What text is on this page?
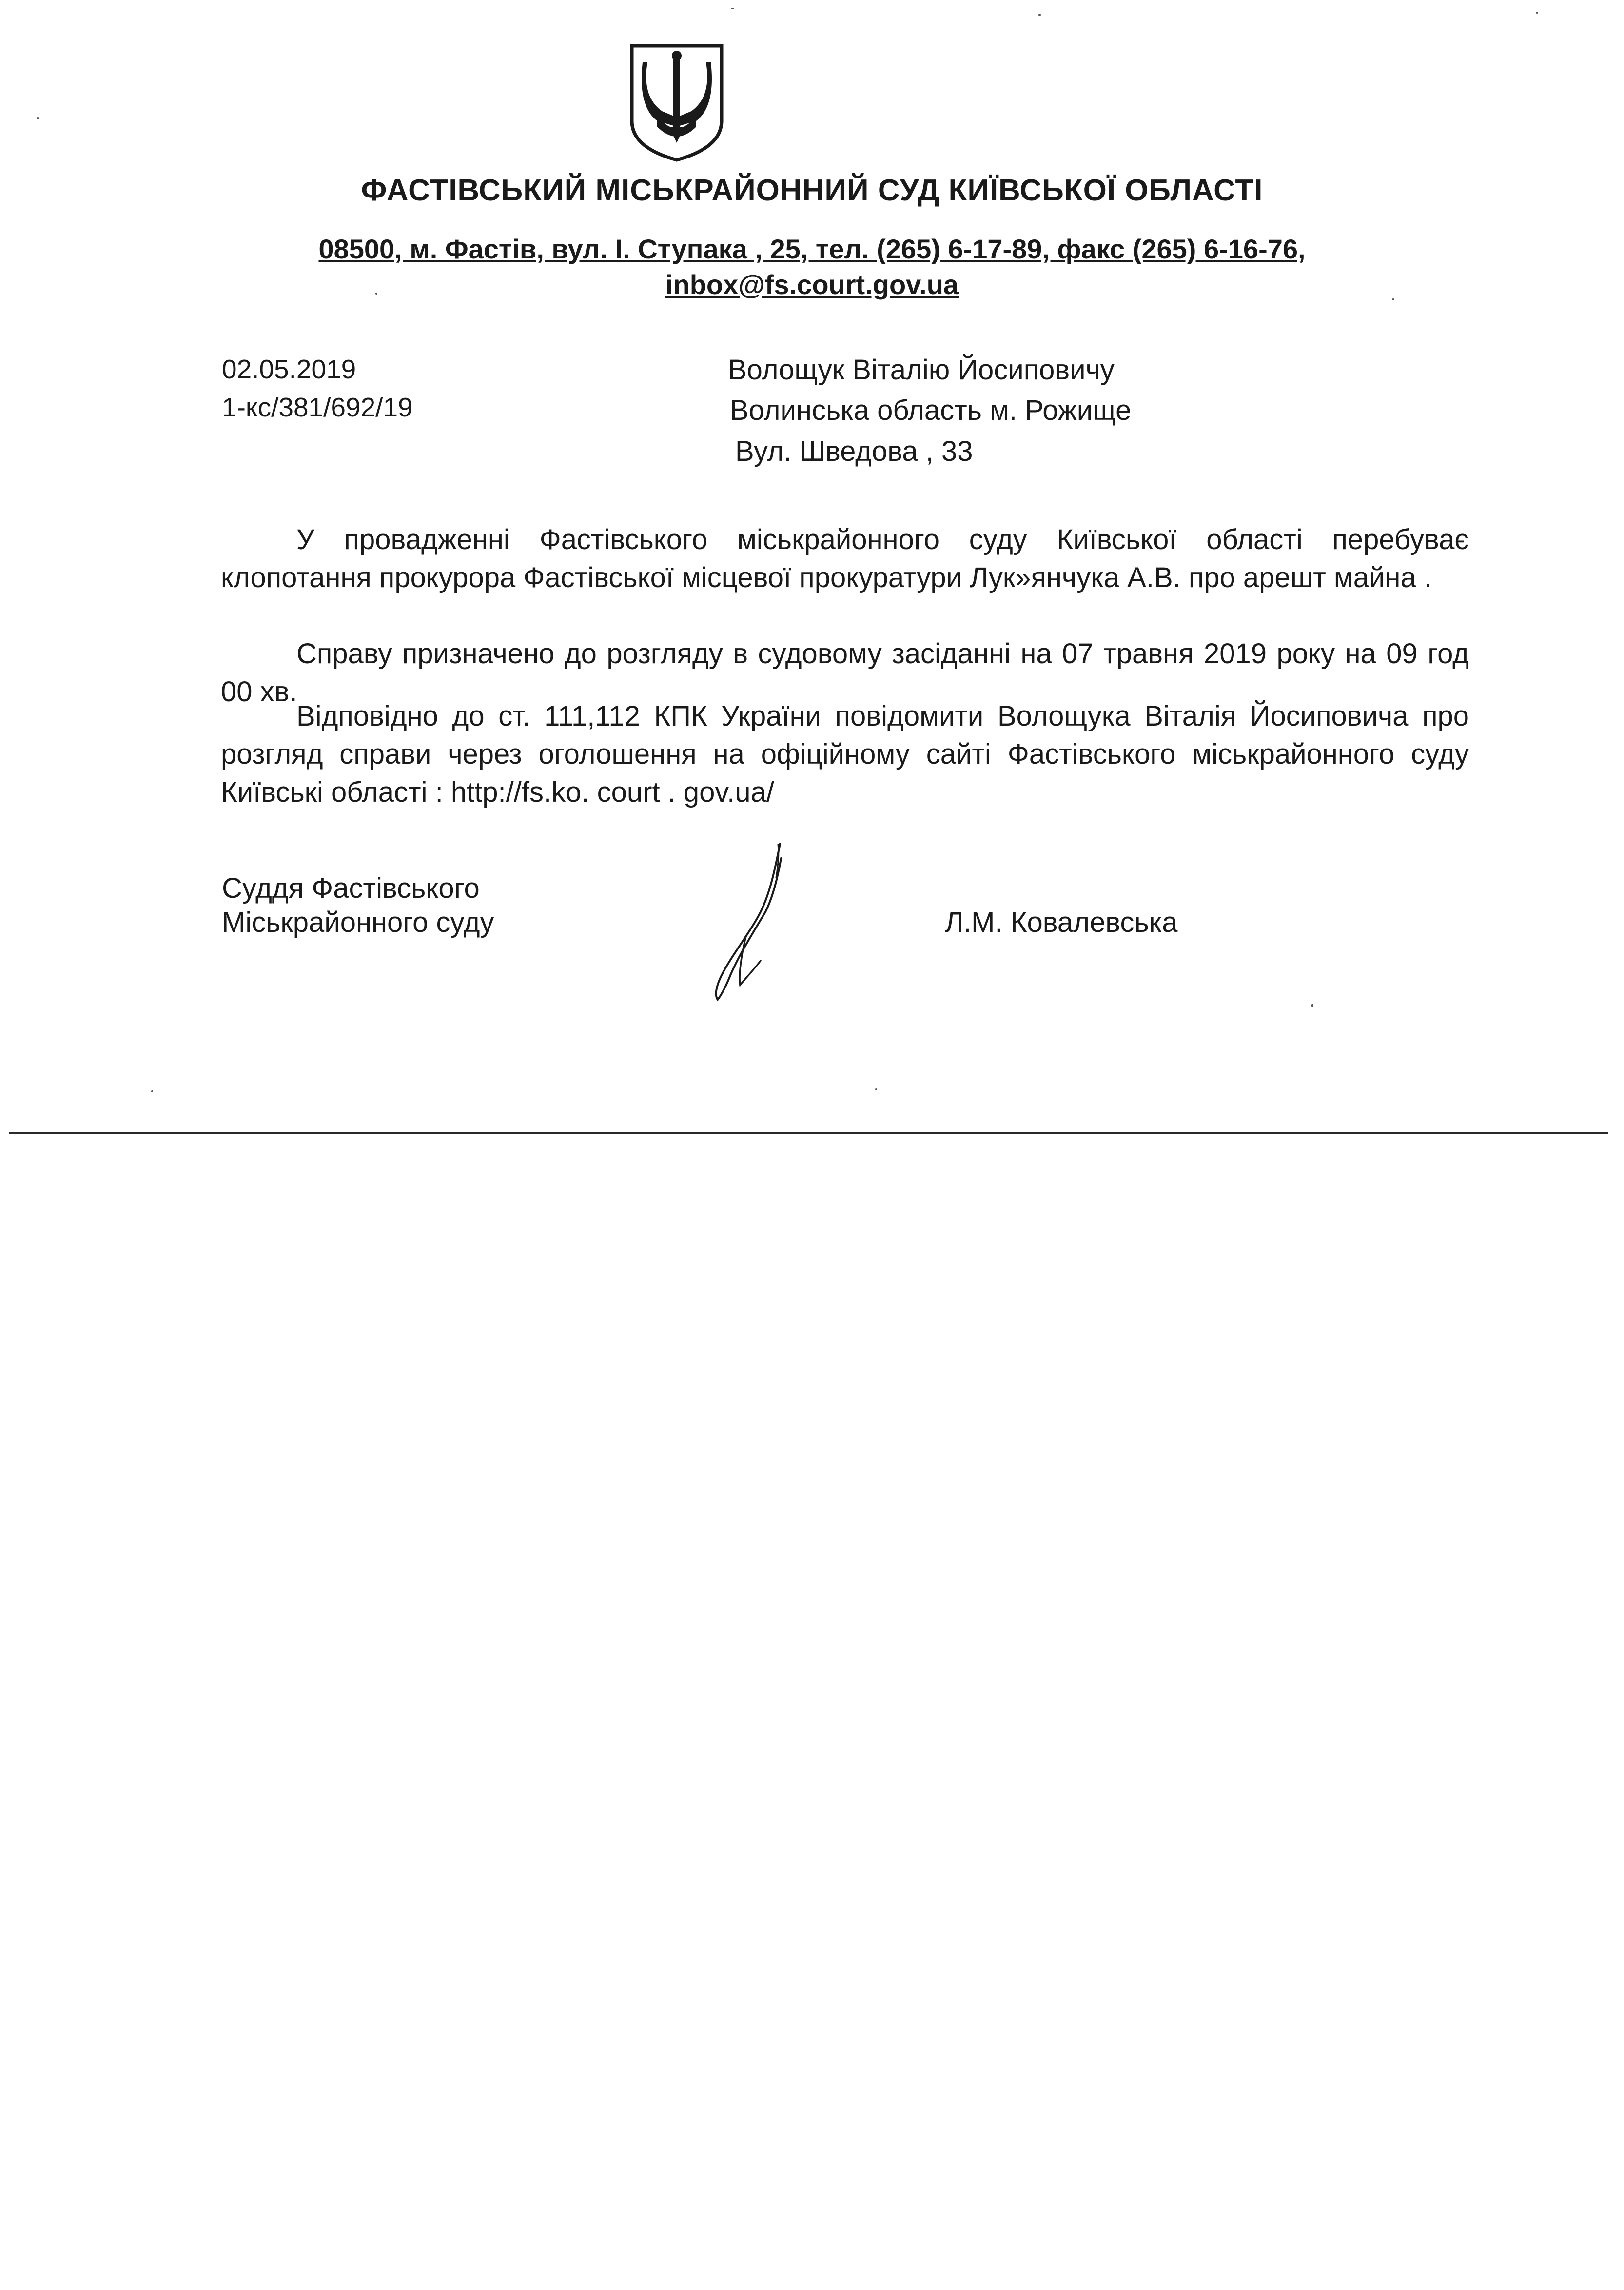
ФАСТІВСЬКИЙ МІСЬКРАЙОННИЙ СУД КИЇВСЬКОЇ ОБЛАСТІ
08500, м. Фастів, вул. І. Ступака , 25, тел. (265) 6-17-89, факс (265) 6-16-76,
inbox@fs.court.gov.ua
02.05.2019
1-кс/381/692/19
Волощук Віталію Йосиповичу
Волинська область м. Рожище
Вул. Шведова , 33

У провадженні Фастівського міськрайонного суду Київської області перебуває клопотання прокурора Фастівської місцевої прокуратури Лук»янчука А.В. про арешт майна .

Справу призначено до розгляду в судовому засіданні на 07 травня 2019 року на 09 год 00 хв.

Відповідно до ст. 111,112 КПК України повідомити Волощука Віталія Йосиповича про розгляд справи через оголошення на офіційному сайті Фастівського міськрайонного суду Київські області : http://fs.ko. court . gov.ua/

Суддя Фастівського
Міськрайонного суду	Л.М. Ковалевська
